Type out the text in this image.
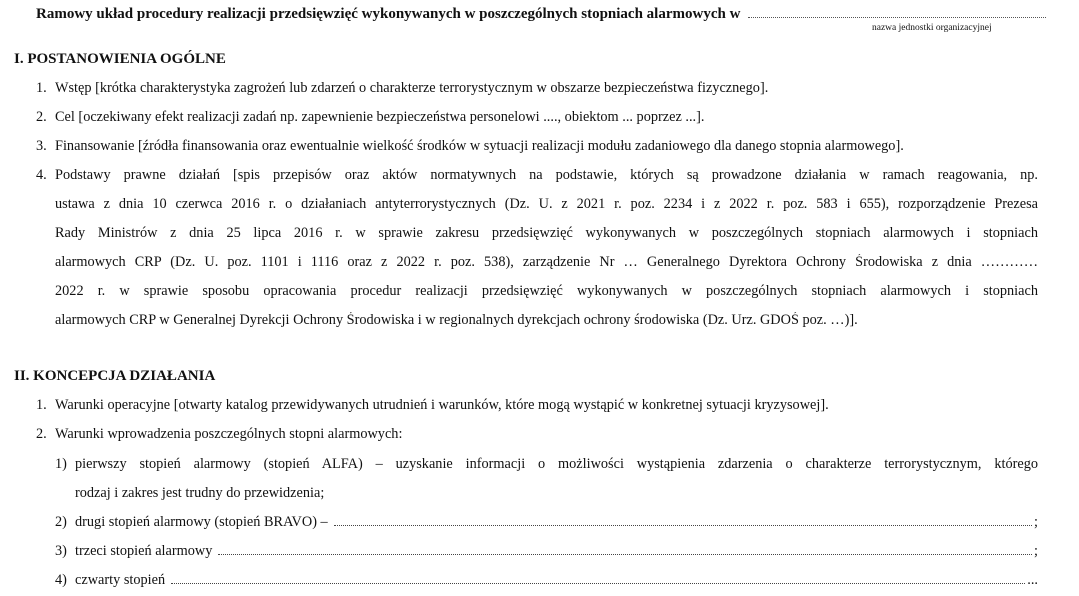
Ramowy układ procedury realizacji przedsięwzięć wykonywanych w poszczególnych stopniach alarmowych w
nazwa jednostki organizacyjnej
I. POSTANOWIENIA OGÓLNE
1. Wstęp [krótka charakterystyka zagrożeń lub zdarzeń o charakterze terrorystycznym w obszarze bezpieczeństwa fizycznego].
2. Cel [oczekiwany efekt realizacji zadań np. zapewnienie bezpieczeństwa personelowi ...., obiektom ... poprzez ...].
3. Finansowanie [źródła finansowania oraz ewentualnie wielkość środków w sytuacji realizacji modułu zadaniowego dla danego stopnia alarmowego].
4. Podstawy prawne działań [spis przepisów oraz aktów normatywnych na podstawie, których są prowadzone działania w ramach reagowania, np.
ustawa z dnia 10 czerwca 2016 r. o działaniach antyterrorystycznych (Dz. U. z 2021 r. poz. 2234 i z 2022 r. poz. 583 i 655), rozporządzenie Prezesa
Rady Ministrów z dnia 25 lipca 2016 r. w sprawie zakresu przedsięwzięć wykonywanych w poszczególnych stopniach alarmowych i stopniach
alarmowych CRP (Dz. U. poz. 1101 i 1116 oraz z 2022 r. poz. 538), zarządzenie Nr … Generalnego Dyrektora Ochrony Środowiska z dnia …………
2022 r. w sprawie sposobu opracowania procedur realizacji przedsięwzięć wykonywanych w poszczególnych stopniach alarmowych i stopniach
alarmowych CRP w Generalnej Dyrekcji Ochrony Środowiska i w regionalnych dyrekcjach ochrony środowiska (Dz. Urz. GDOŚ poz. …)].
II. KONCEPCJA DZIAŁANIA
1. Warunki operacyjne [otwarty katalog przewidywanych utrudnień i warunków, które mogą wystąpić w konkretnej sytuacji kryzysowej].
2. Warunki wprowadzenia poszczególnych stopni alarmowych:
1) pierwszy stopień alarmowy (stopień ALFA) – uzyskanie informacji o możliwości wystąpienia zdarzenia o charakterze terrorystycznym, którego
rodzaj i zakres jest trudny do przewidzenia;
2) drugi stopień alarmowy (stopień BRAVO) –	;
3) trzeci stopień alarmowy	;
4) czwarty stopień	...
